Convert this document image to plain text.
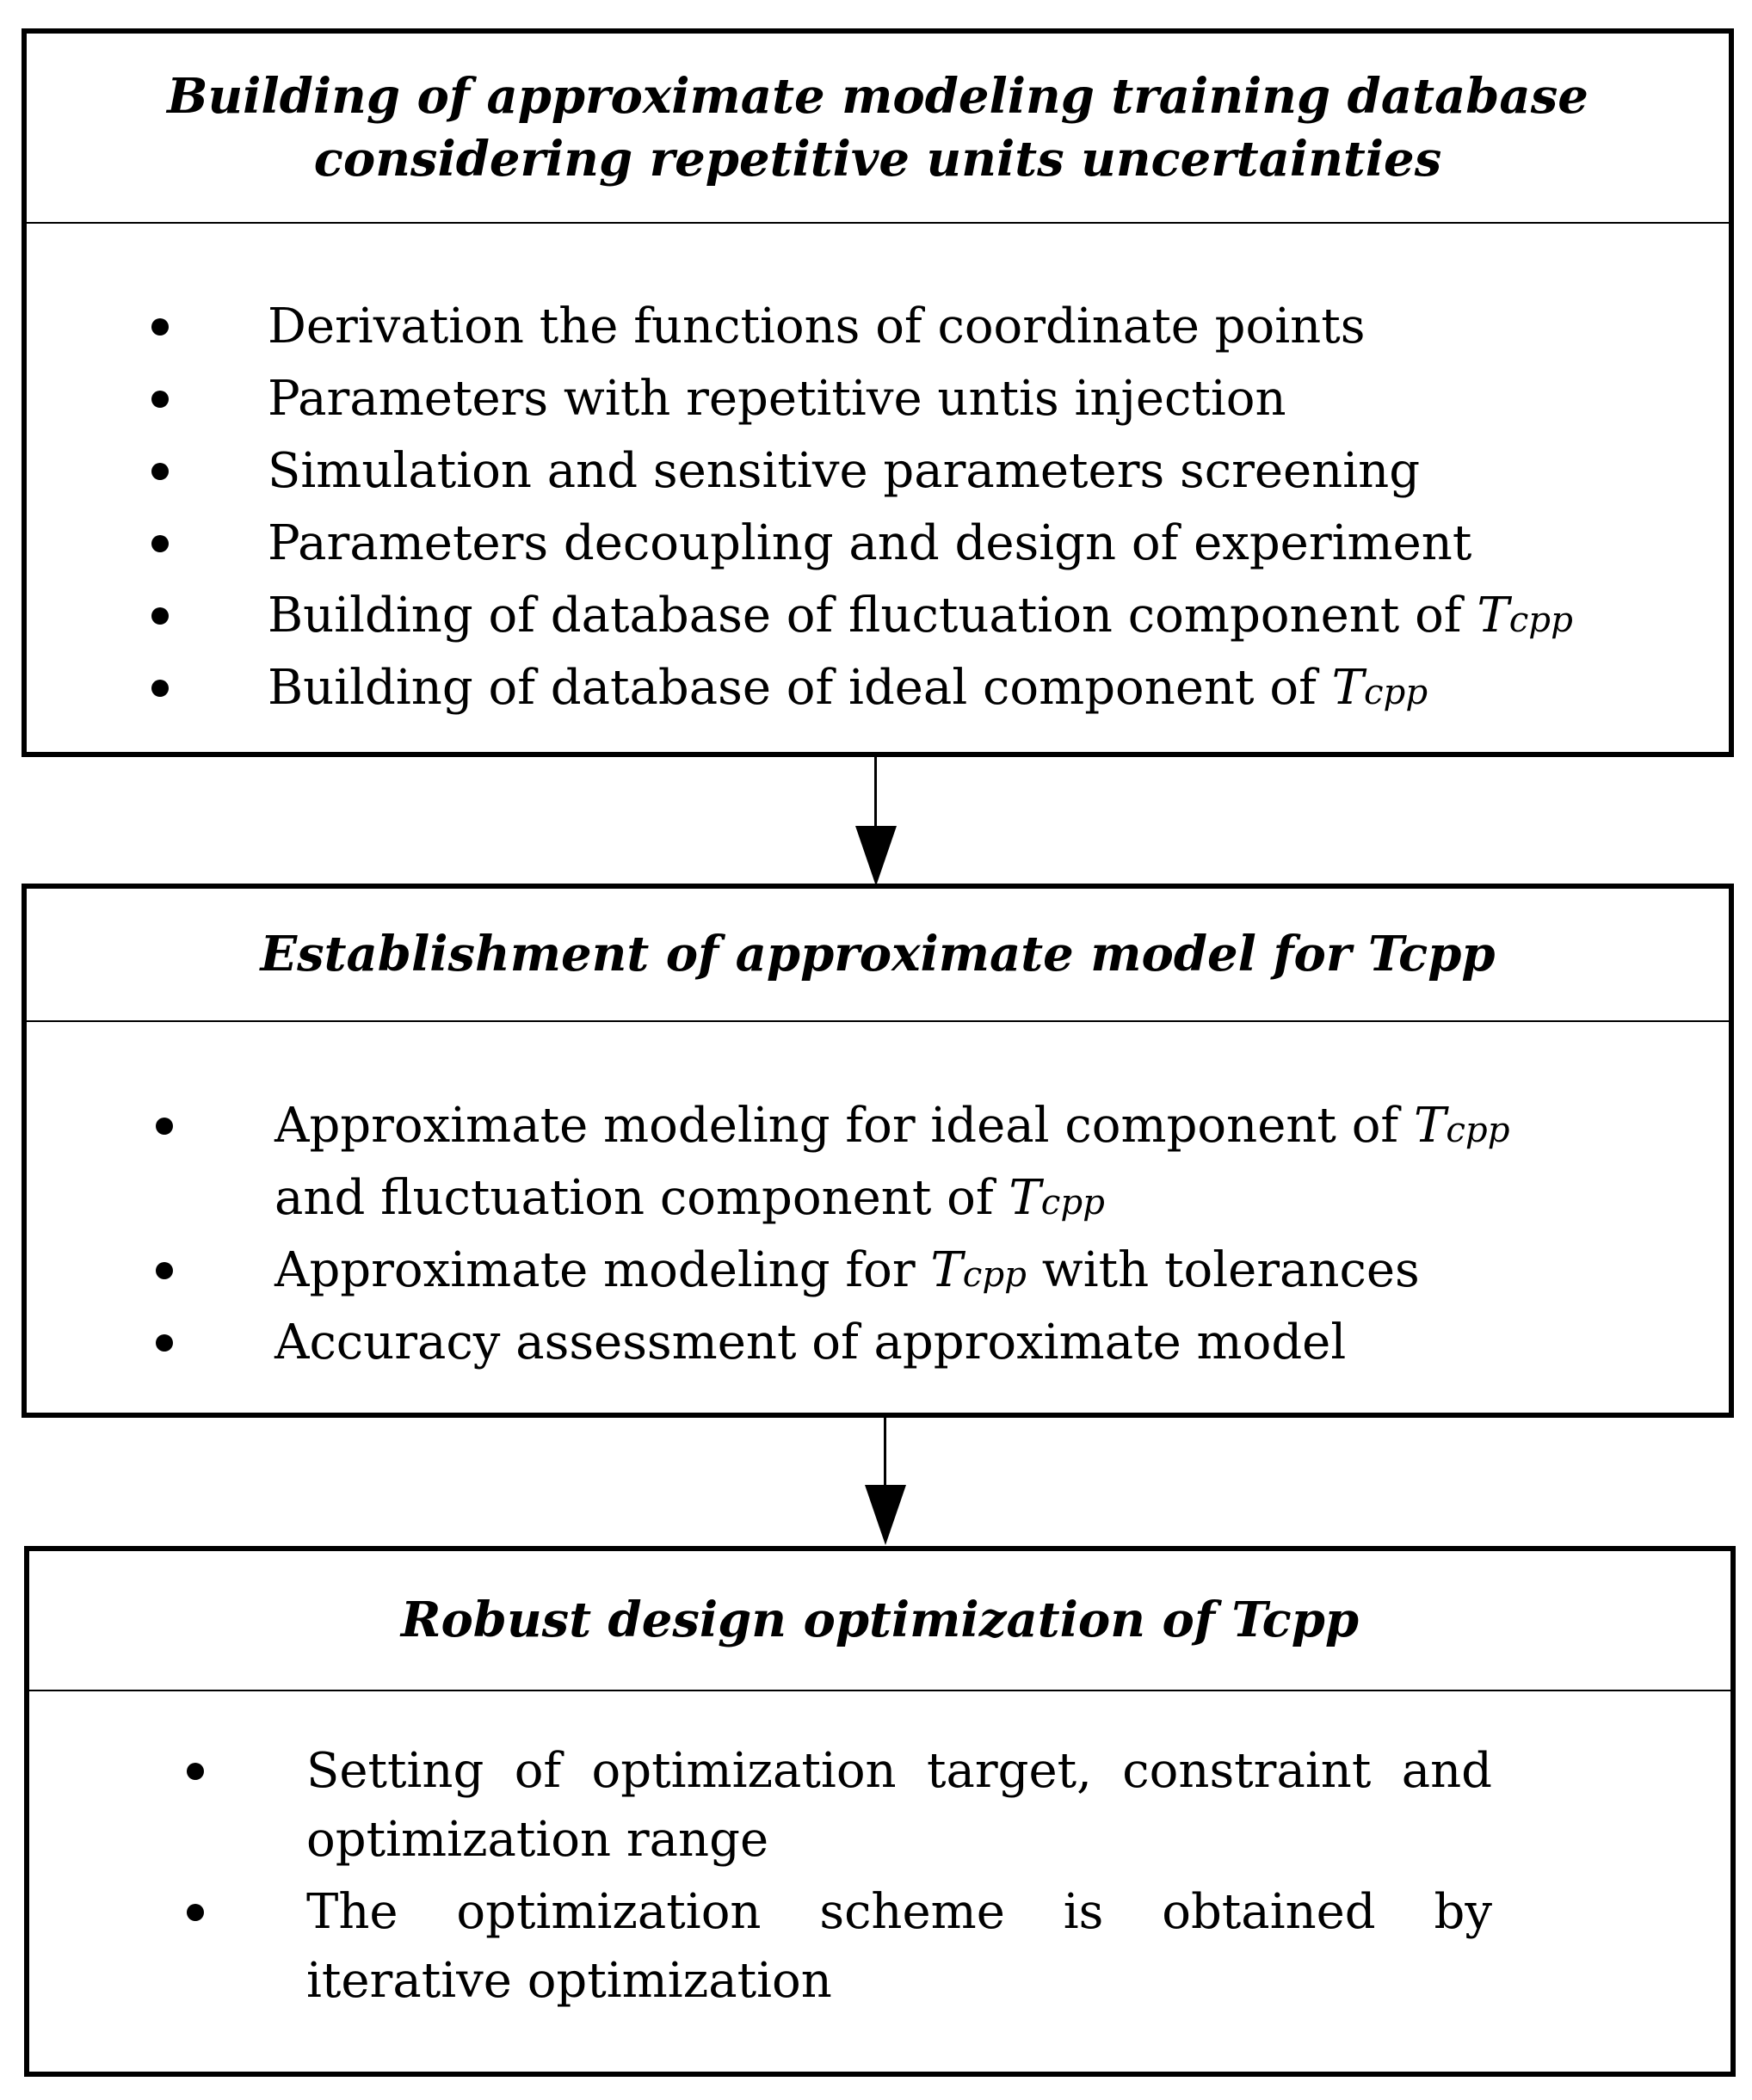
Building of approximate modeling training database
considering repetitive units uncertainties
Derivation the functions of coordinate points
Parameters with repetitive untis injection
Simulation and sensitive parameters screening
Parameters decoupling and design of experiment
Building of database of fluctuation component of Tcpp
Building of database of ideal component of Tcpp
Establishment of approximate model for Tcpp
Approximate modeling for ideal component of Tcpp
and fluctuation component of Tcpp
Approximate modeling for Tcpp with tolerances
Accuracy assessment of approximate model
Robust design optimization of Tcpp
Setting of optimization target, constraint and
optimization range
The optimization scheme is obtained by
iterative optimization
